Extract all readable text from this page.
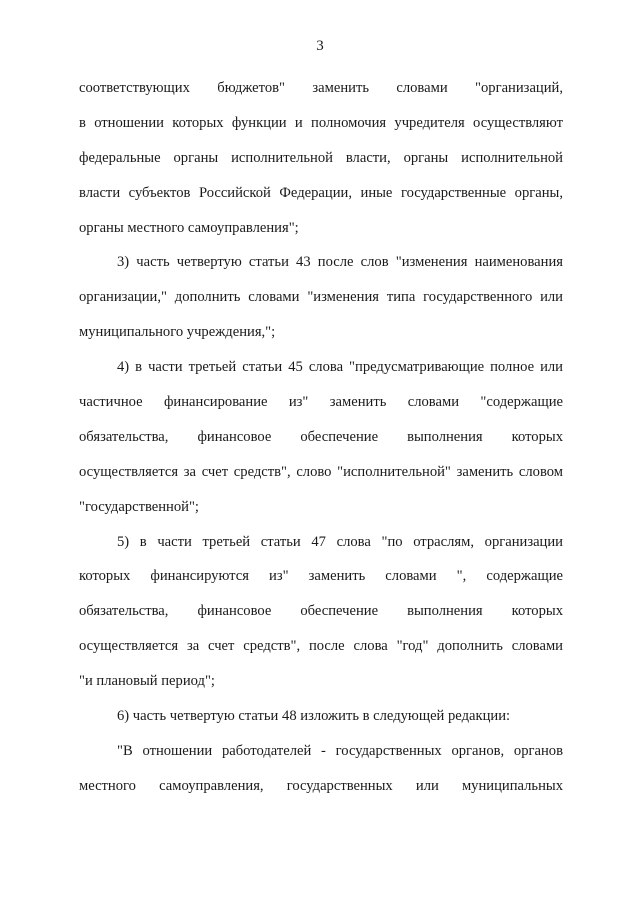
3
соответствующих бюджетов" заменить словами "организаций,
в отношении которых функции и полномочия учредителя осуществляют
федеральные органы исполнительной власти, органы исполнительной
власти субъектов Российской Федерации, иные государственные органы,
органы местного самоуправления";
3) часть четвертую статьи 43 после слов "изменения наименования
организации," дополнить словами "изменения типа государственного или
муниципального учреждения,";
4) в части третьей статьи 45 слова "предусматривающие полное или
частичное финансирование из" заменить словами "содержащие
обязательства, финансовое обеспечение выполнения которых
осуществляется за счет средств", слово "исполнительной" заменить словом
"государственной";
5) в части третьей статьи 47 слова "по отраслям, организации
которых финансируются из" заменить словами ", содержащие
обязательства, финансовое обеспечение выполнения которых
осуществляется за счет средств", после слова "год" дополнить словами
"и плановый период";
6) часть четвертую статьи 48 изложить в следующей редакции:
"В отношении работодателей - государственных органов, органов
местного самоуправления, государственных или муниципальных
